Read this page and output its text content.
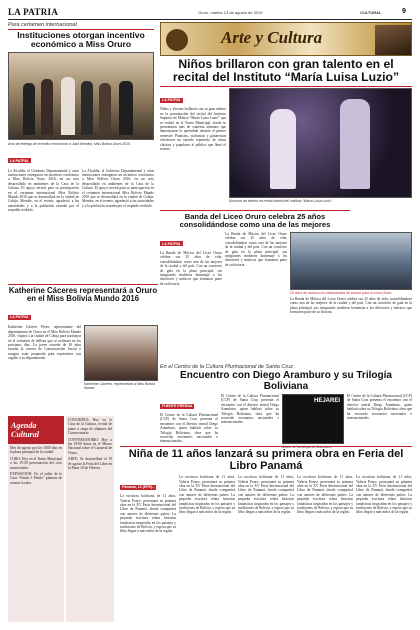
LA PATRIA	Oruro, martes 13 de agosto de 2019	CULTURAL	9
Para certamen internacional
Instituciones otorgan incentivo económico a Miss Oruro
Acto de entrega de incentivo económico a Julia Mendez, Miss Bolivia Oruro 2016.
LA PATRIA
La Alcaldía, el Gobierno Departamental y otras instituciones entregaron un incentivo económico a Miss Bolivia Oruro 2016, en un acto desarrollado en ambientes de la Casa de la Cultura. El apoyo servirá para su participación en el certamen internacional Miss Bolivia Mundo 2016 que se desarrollará en la ciudad de Cobija. Mendez, en el evento, agradeció a las autoridades y a la población orureña por el respaldo recibido.
La Alcaldía, el Gobierno Departamental y otras instituciones entregaron un incentivo económico a Miss Bolivia Oruro 2016, en un acto desarrollado en ambientes de la Casa de la Cultura. El apoyo servirá para su participación en el certamen internacional Miss Bolivia Mundo 2016 que se desarrollará en la ciudad de Cobija. Mendez, en el evento, agradeció a las autoridades y a la población orureña por el respaldo recibido.
Arte y Cultura
Niños brillaron con gran talento en el recital del Instituto “María Luisa Luzio”
LA PATRIA
Niños y jóvenes brillaron con su gran talento en la presentación del recital del Instituto Superior de Música “María Luisa Luzio” que se realizó en el Teatro Municipal, donde se presentaron más de cuarenta alumnos que demostraron lo aprendido durante el primer semestre. Pianistas, violinistas y guitarristas ofrecieron un variado repertorio de obras clásicas y populares al público que llenó el recinto.
Alumnos de talento en recital infantil del Instituto “María Luisa Luzio”.
Banda del Liceo Oruro celebra 25 años consolidándose como una de las mejores
LA PATRIA
La Banda de Música del Liceo Oruro celebra sus 25 años de vida, consolidándose como una de las mejores de la ciudad y del país. Con un concierto de gala en la plaza principal, sus integrantes rindieron homenaje a los directores y músicos que formaron parte de su historia.
La Banda de Música del Liceo Oruro celebra sus 25 años de vida, consolidándose como una de las mejores de la ciudad y del país. Con un concierto de gala en la plaza principal, sus integrantes rindieron homenaje a los directores y músicos que formaron parte de su historia.
25 años de música con instrumentos de bronce para el Liceo Oruro.
La Banda de Música del Liceo Oruro celebra sus 25 años de vida, consolidándose como una de las mejores de la ciudad y del país. Con un concierto de gala en la plaza principal, sus integrantes rindieron homenaje a los directores y músicos que formaron parte de su historia.
Katherine Cáceres representará a Oruro en el Miss Bolivia Mundo 2016
LA PATRIA
Katherine Cáceres Pérez, representante del departamento de Oruro en el Miss Bolivia Mundo 2016, viajará a la ciudad de Cobija para participar en el certamen de belleza que se realizará en los próximos días. La joven orureña de 20 años estudia la carrera de Comunicación Social y asegura estar preparada para representar con orgullo a su departamento.
Katherine Cáceres, representará a Miss Bolivia Mundo.
Agenda Cultural
Mes de agosto por los 1000 días en la plaza principal de la ciudad.
CORO: Hoy en el Teatro Municipal a las 19:30 presentación del coro universitario.
EXPOSICIÓN: En el salón de la Casa “Simón I. Patiño” pinturas de artistas locales.
CONCIERTO: Hoy en la Casa de la Cultura, recital de piano a cargo de alumnos del Conservatorio.
CONVERSATORIO: Hoy a las 18:00 horas en el Museo Nacional sobre el Carnaval de Oruro.
ARTE: Se desarrollará el 19 de agosto la Feria del Libro en la Plaza 10 de Febrero.
En el Centro de la Cultura Plurinacional de Santa Cruz
Encuentro con Diego Aramburo y su Trilogía Boliviana
FUENTE PRENSA
El Centro de la Cultura Plurinacional (CCP) de Santa Cruz presenta el encuentro con el director teatral Diego Aramburo, quien hablará sobre su Trilogía Boliviana, obra que ha recorrido escenarios nacionales e internacionales.
El Centro de la Cultura Plurinacional (CCP) de Santa Cruz presenta el encuentro con el director teatral Diego Aramburo, quien hablará sobre su Trilogía Boliviana, obra que ha recorrido escenarios nacionales e internacionales.
HEJAREI
Afiche de la trilogía de Aramburo.
El Centro de la Cultura Plurinacional (CCP) de Santa Cruz presenta el encuentro con el director teatral Diego Aramburo, quien hablará sobre su Trilogía Boliviana, obra que ha recorrido escenarios nacionales e internacionales.
Niña de 11 años lanzará su primera obra en Feria del Libro Panamá
Panamá, 12 (EFE).-
La escritora boliviana de 11 años, Valeria Ponce, presentará su primera obra en la XV Feria Internacional del Libro de Panamá, donde compartirá con autores de diferentes países. La pequeña escritora relata historias fantásticas inspiradas en los paisajes y tradiciones de Bolivia, y espera que su libro llegue a más niños de la región.
La escritora boliviana de 11 años, Valeria Ponce, presentará su primera obra en la XV Feria Internacional del Libro de Panamá, donde compartirá con autores de diferentes países. La pequeña escritora relata historias fantásticas inspiradas en los paisajes y tradiciones de Bolivia, y espera que su libro llegue a más niños de la región.
La escritora boliviana de 11 años, Valeria Ponce, presentará su primera obra en la XV Feria Internacional del Libro de Panamá, donde compartirá con autores de diferentes países. La pequeña escritora relata historias fantásticas inspiradas en los paisajes y tradiciones de Bolivia, y espera que su libro llegue a más niños de la región.
La escritora boliviana de 11 años, Valeria Ponce, presentará su primera obra en la XV Feria Internacional del Libro de Panamá, donde compartirá con autores de diferentes países. La pequeña escritora relata historias fantásticas inspiradas en los paisajes y tradiciones de Bolivia, y espera que su libro llegue a más niños de la región.
La escritora boliviana de 11 años, Valeria Ponce, presentará su primera obra en la XV Feria Internacional del Libro de Panamá, donde compartirá con autores de diferentes países. La pequeña escritora relata historias fantásticas inspiradas en los paisajes y tradiciones de Bolivia, y espera que su libro llegue a más niños de la región.
